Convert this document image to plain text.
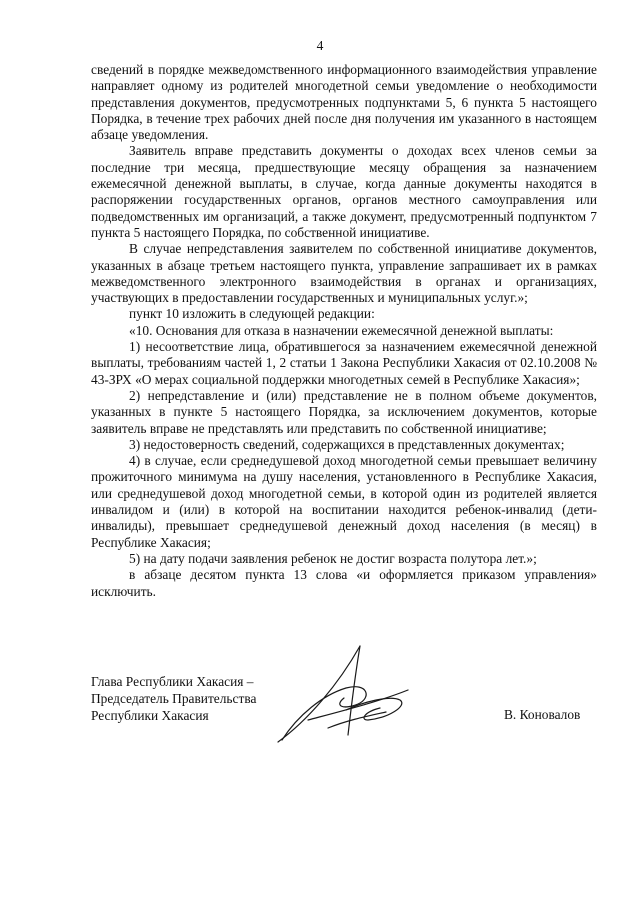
4

сведений в порядке межведомственного информационного взаимодействия управление направляет одному из родителей многодетной семьи уведомление о необходимости представления документов, предусмотренных подпунктами 5, 6 пункта 5 настоящего Порядка, в течение трех рабочих дней после дня получения им указанного в настоящем абзаце уведомления.

Заявитель вправе представить документы о доходах всех членов семьи за последние три месяца, предшествующие месяцу обращения за назначением ежемесячной денежной выплаты, в случае, когда данные документы находятся в распоряжении государственных органов, органов местного самоуправления или подведомственных им организаций, а также документ, предусмотренный подпунктом 7 пункта 5 настоящего Порядка, по собственной инициативе.

В случае непредставления заявителем по собственной инициативе документов, указанных в абзаце третьем настоящего пункта, управление запрашивает их в рамках межведомственного электронного взаимодействия в органах и организациях, участвующих в предоставлении государственных и муниципальных услуг.»;

пункт 10 изложить в следующей редакции:

«10. Основания для отказа в назначении ежемесячной денежной выплаты:

1) несоответствие лица, обратившегося за назначением ежемесячной денежной выплаты, требованиям частей 1, 2 статьи 1 Закона Республики Хакасия от 02.10.2008 № 43-ЗРХ «О мерах социальной поддержки многодетных семей в Республике Хакасия»;

2) непредставление и (или) представление не в полном объеме документов, указанных в пункте 5 настоящего Порядка, за исключением документов, которые заявитель вправе не представлять или представить по собственной инициативе;

3) недостоверность сведений, содержащихся в представленных документах;

4) в случае, если среднедушевой доход многодетной семьи превышает величину прожиточного минимума на душу населения, установленного в Республике Хакасия, или среднедушевой доход многодетной семьи, в которой один из родителей является инвалидом и (или) в которой на воспитании находится ребенок-инвалид (дети-инвалиды), превышает среднедушевой денежный доход населения (в месяц) в Республике Хакасия;

5) на дату подачи заявления ребенок не достиг возраста полутора лет.»;

в абзаце десятом пункта 13 слова «и оформляется приказом управления» исключить.

Глава Республики Хакасия –
Председатель Правительства
Республики Хакасия	В. Коновалов
